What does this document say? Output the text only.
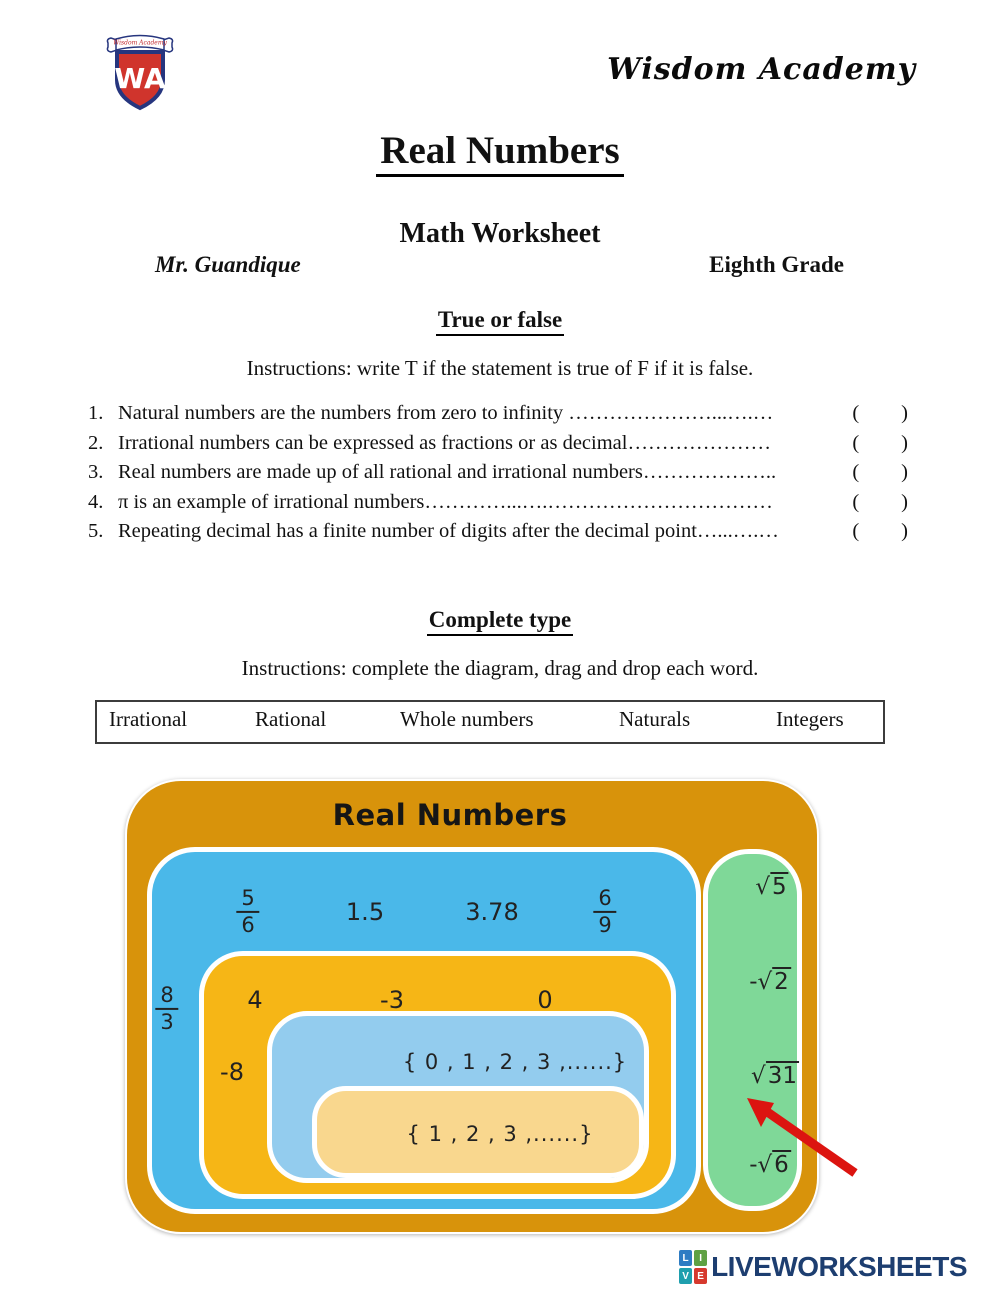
Wisdom Academy
WA	Wisdom Academy
Real Numbers
Math Worksheet
Mr. Guandique	Eighth Grade
True or false
Instructions: write T if the statement is true of F if it is false.
1. Natural numbers are the numbers from zero to infinity …………………...….…	( )
2. Irrational numbers can be expressed as fractions or as decimal…………………	( )
3. Real numbers are made up of all rational and irrational numbers………………..	( )
4. π is an example of irrational numbers…………...….……………………………	( )
5. Repeating decimal has a finite number of digits after the decimal point…...….…	( )
Complete type
Instructions: complete the diagram, drag and drop each word.
Irrational	Rational	Whole numbers	Naturals	Integers
Real Numbers
$\frac{5}{6}$	1.5	3.78	$\frac{6}{9}$
$\frac{8}{3}$	4	-3	0
-8	{ 0 , 1 , 2 , 3 ,......}
{ 1 , 2 , 3 ,......}
√5
-√2
√31
-√6
L	I
V E LIVEWORKSHEETS
